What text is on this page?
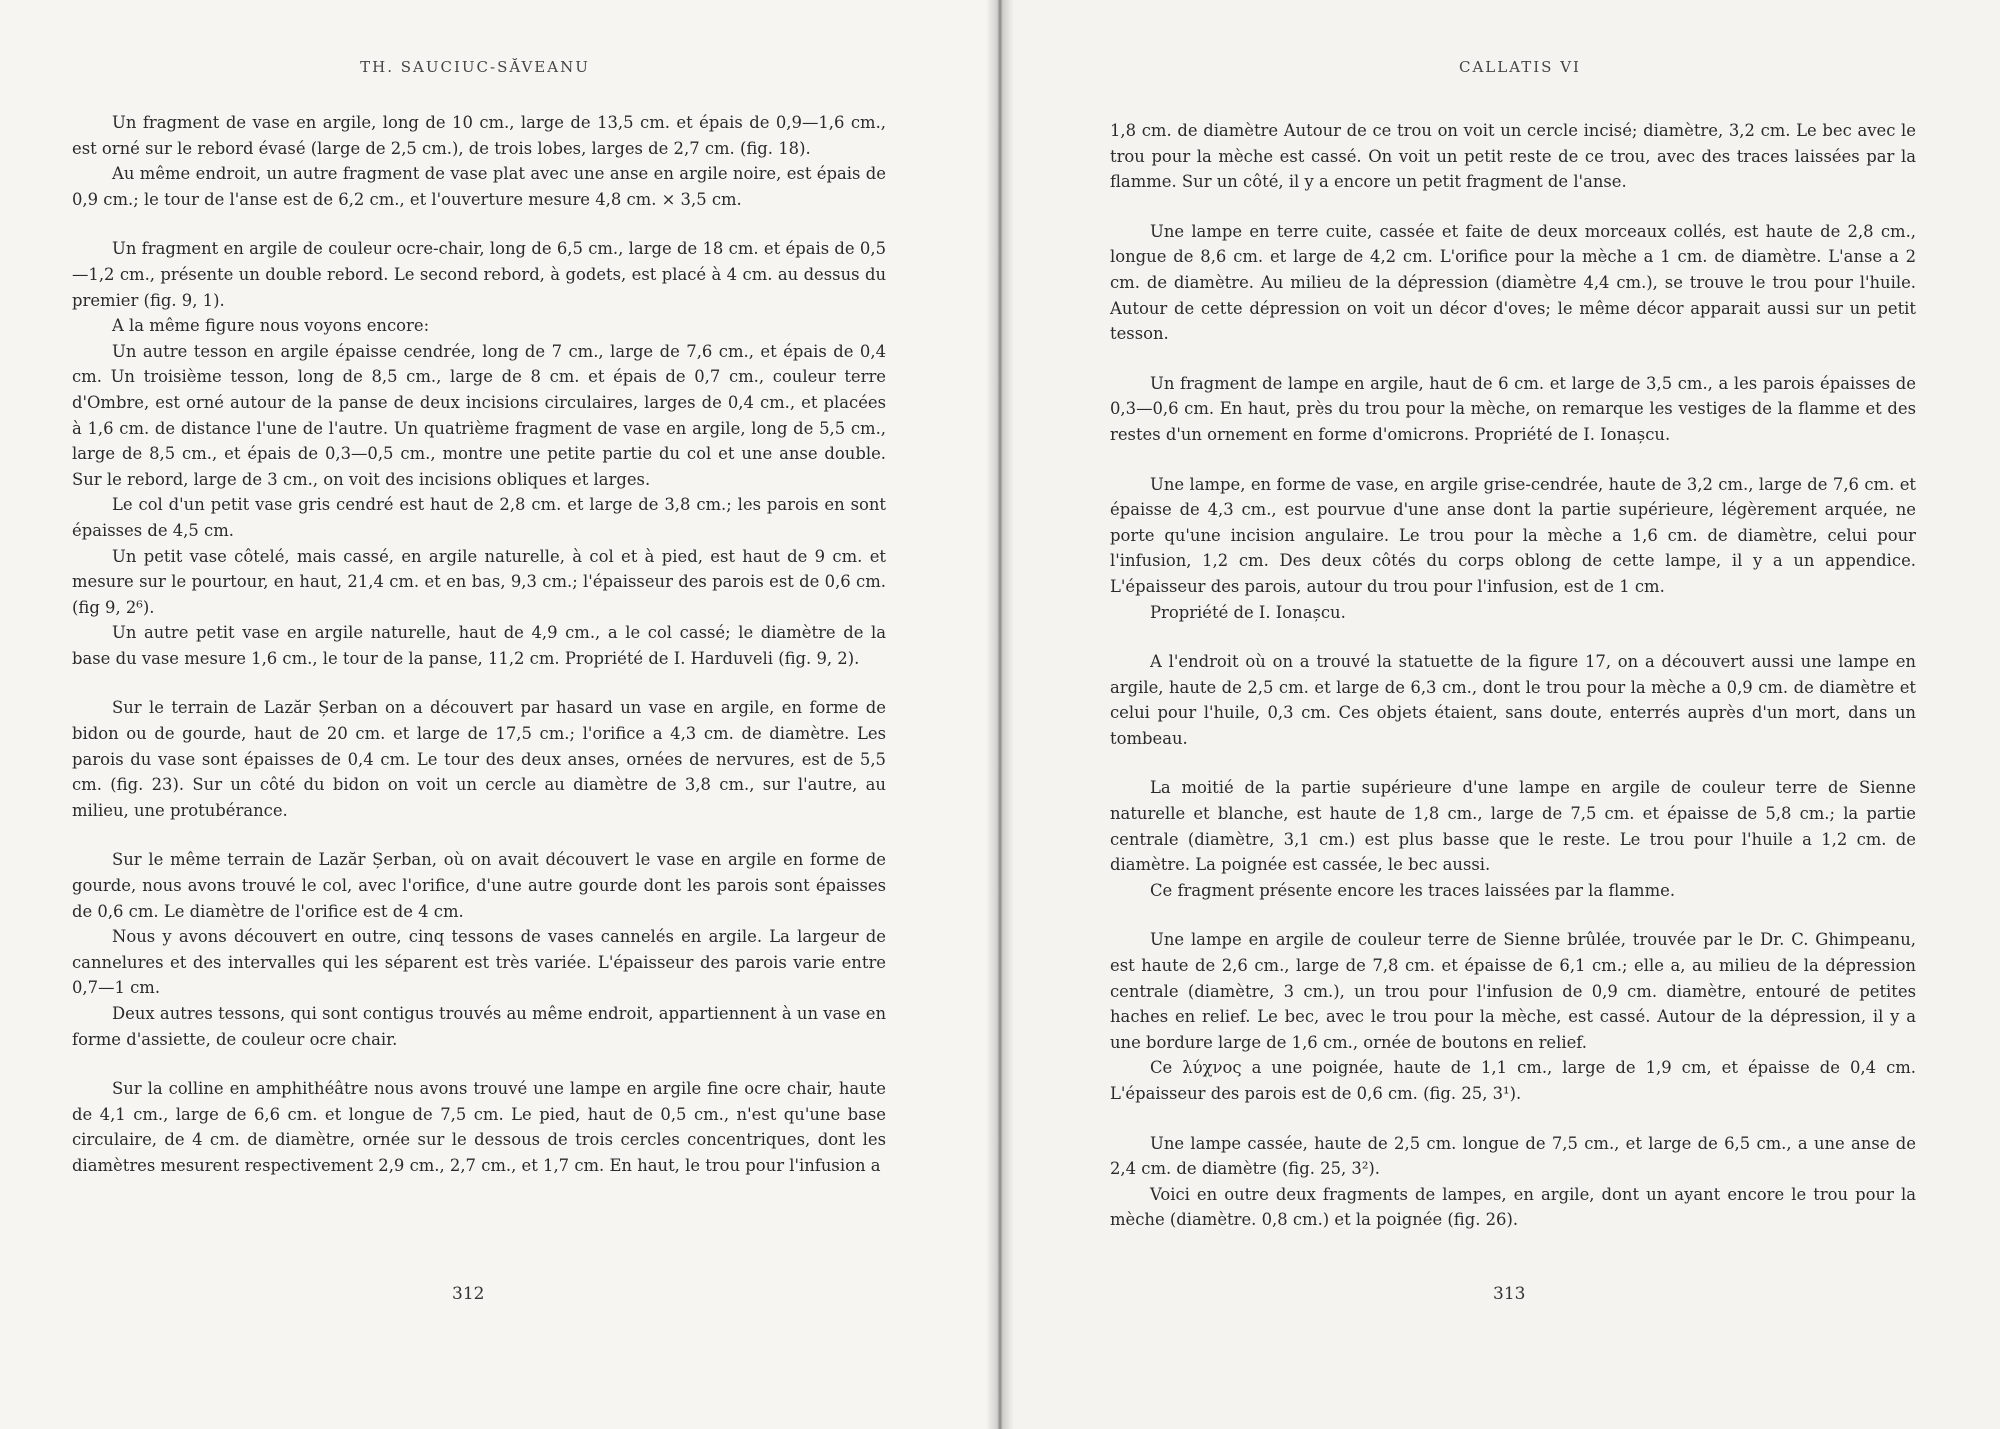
TH. SAUCIUC-SĂVEANU

Un fragment de vase en argile, long de 10 cm., large de 13,5 cm. et épais de 0,9—1,6 cm., est orné sur le rebord évasé (large de 2,5 cm.), de trois lobes, larges de 2,7 cm. (fig. 18).

Au même endroit, un autre fragment de vase plat avec une anse en argile noire, est épais de 0,9 cm.; le tour de l'anse est de 6,2 cm., et l'ouverture mesure 4,8 cm. × 3,5 cm.

Un fragment en argile de couleur ocre-chair, long de 6,5 cm., large de 18 cm. et épais de 0,5—1,2 cm., présente un double rebord. Le second rebord, à godets, est placé à 4 cm. au dessus du premier (fig. 9, 1).

A la même figure nous voyons encore:

Un autre tesson en argile épaisse cendrée, long de 7 cm., large de 7,6 cm., et épais de 0,4 cm. Un troisième tesson, long de 8,5 cm., large de 8 cm. et épais de 0,7 cm., couleur terre d'Ombre, est orné autour de la panse de deux incisions circulaires, larges de 0,4 cm., et placées à 1,6 cm. de distance l'une de l'autre. Un quatrième fragment de vase en argile, long de 5,5 cm., large de 8,5 cm., et épais de 0,3—0,5 cm., montre une petite partie du col et une anse double. Sur le rebord, large de 3 cm., on voit des incisions obliques et larges.

Le col d'un petit vase gris cendré est haut de 2,8 cm. et large de 3,8 cm.; les parois en sont épaisses de 4,5 cm.

Un petit vase côtelé, mais cassé, en argile naturelle, à col et à pied, est haut de 9 cm. et mesure sur le pourtour, en haut, 21,4 cm. et en bas, 9,3 cm.; l'épaisseur des parois est de 0,6 cm. (fig 9, 2⁶).

Un autre petit vase en argile naturelle, haut de 4,9 cm., a le col cassé; le diamètre de la base du vase mesure 1,6 cm., le tour de la panse, 11,2 cm. Propriété de I. Harduveli (fig. 9, 2).

Sur le terrain de Lazăr Șerban on a découvert par hasard un vase en argile, en forme de bidon ou de gourde, haut de 20 cm. et large de 17,5 cm.; l'orifice a 4,3 cm. de diamètre. Les parois du vase sont épaisses de 0,4 cm. Le tour des deux anses, ornées de nervures, est de 5,5 cm. (fig. 23). Sur un côté du bidon on voit un cercle au diamètre de 3,8 cm., sur l'autre, au milieu, une protubérance.

Sur le même terrain de Lazăr Șerban, où on avait découvert le vase en argile en forme de gourde, nous avons trouvé le col, avec l'orifice, d'une autre gourde dont les parois sont épaisses de 0,6 cm. Le diamètre de l'orifice est de 4 cm.

Nous y avons découvert en outre, cinq tessons de vases cannelés en argile. La largeur de cannelures et des intervalles qui les séparent est très variée. L'épaisseur des parois varie entre 0,7—1 cm.

Deux autres tessons, qui sont contigus trouvés au même endroit, appartiennent à un vase en forme d'assiette, de couleur ocre chair.

Sur la colline en amphithéâtre nous avons trouvé une lampe en argile fine ocre chair, haute de 4,1 cm., large de 6,6 cm. et longue de 7,5 cm. Le pied, haut de 0,5 cm., n'est qu'une base circulaire, de 4 cm. de diamètre, ornée sur le dessous de trois cercles concentriques, dont les diamètres mesurent respectivement 2,9 cm., 2,7 cm., et 1,7 cm. En haut, le trou pour l'infusion a

312
CALLATIS VI

1,8 cm. de diamètre Autour de ce trou on voit un cercle incisé; diamètre, 3,2 cm. Le bec avec le trou pour la mèche est cassé. On voit un petit reste de ce trou, avec des traces laissées par la flamme. Sur un côté, il y a encore un petit fragment de l'anse.

Une lampe en terre cuite, cassée et faite de deux morceaux collés, est haute de 2,8 cm., longue de 8,6 cm. et large de 4,2 cm. L'orifice pour la mèche a 1 cm. de diamètre. L'anse a 2 cm. de diamètre. Au milieu de la dépression (diamètre 4,4 cm.), se trouve le trou pour l'huile. Autour de cette dépression on voit un décor d'oves; le même décor apparait aussi sur un petit tesson.

Un fragment de lampe en argile, haut de 6 cm. et large de 3,5 cm., a les parois épaisses de 0,3—0,6 cm. En haut, près du trou pour la mèche, on remarque les vestiges de la flamme et des restes d'un ornement en forme d'omicrons. Propriété de I. Ionașcu.

Une lampe, en forme de vase, en argile grise-cendrée, haute de 3,2 cm., large de 7,6 cm. et épaisse de 4,3 cm., est pourvue d'une anse dont la partie supérieure, légèrement arquée, ne porte qu'une incision angulaire. Le trou pour la mèche a 1,6 cm. de diamètre, celui pour l'infusion, 1,2 cm. Des deux côtés du corps oblong de cette lampe, il y a un appendice. L'épaisseur des parois, autour du trou pour l'infusion, est de 1 cm.

Propriété de I. Ionașcu.

A l'endroit où on a trouvé la statuette de la figure 17, on a découvert aussi une lampe en argile, haute de 2,5 cm. et large de 6,3 cm., dont le trou pour la mèche a 0,9 cm. de diamètre et celui pour l'huile, 0,3 cm. Ces objets étaient, sans doute, enterrés auprès d'un mort, dans un tombeau.

La moitié de la partie supérieure d'une lampe en argile de couleur terre de Sienne naturelle et blanche, est haute de 1,8 cm., large de 7,5 cm. et épaisse de 5,8 cm.; la partie centrale (diamètre, 3,1 cm.) est plus basse que le reste. Le trou pour l'huile a 1,2 cm. de diamètre. La poignée est cassée, le bec aussi.

Ce fragment présente encore les traces laissées par la flamme.

Une lampe en argile de couleur terre de Sienne brûlée, trouvée par le Dr. C. Ghimpeanu, est haute de 2,6 cm., large de 7,8 cm. et épaisse de 6,1 cm.; elle a, au milieu de la dépression centrale (diamètre, 3 cm.), un trou pour l'infusion de 0,9 cm. diamètre, entouré de petites haches en relief. Le bec, avec le trou pour la mèche, est cassé. Autour de la dépression, il y a une bordure large de 1,6 cm., ornée de boutons en relief.

Ce λύχνος a une poignée, haute de 1,1 cm., large de 1,9 cm, et épaisse de 0,4 cm. L'épaisseur des parois est de 0,6 cm. (fig. 25, 3¹).

Une lampe cassée, haute de 2,5 cm. longue de 7,5 cm., et large de 6,5 cm., a une anse de 2,4 cm. de diamètre (fig. 25, 3²).

Voici en outre deux fragments de lampes, en argile, dont un ayant encore le trou pour la mèche (diamètre. 0,8 cm.) et la poignée (fig. 26).

313
